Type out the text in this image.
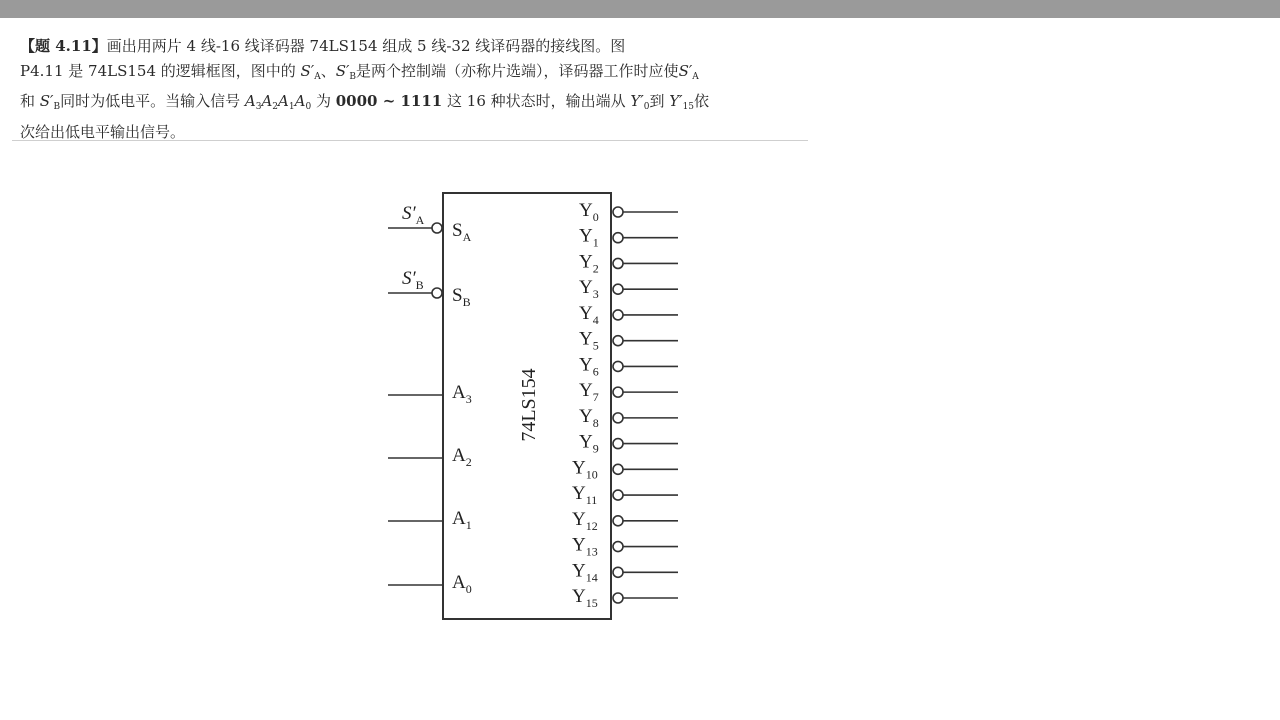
【题 4.11】画出用两片 4 线-16 线译码器 74LS154 组成 5 线-32 线译码器的接线图。图

P4.11 是 74LS154 的逻辑框图，图中的 $S'_A$、$S'_B$是两个控制端（亦称片选端），译码器工作时应使$S'_A$

和 $S'_B$同时为低电平。当输入信号 $A_3A_2A_1A_0$ 为 0000 ~ 1111 这 16 种状态时，输出端从 $Y'_0$到 $Y'_{15}$依

次给出低电平输出信号。

74LS154
$S'_A$ $S_A$
$S'_B$ $S_B$
$A_3$
$A_2$
$A_1$
$A_0$
$Y_0$
$Y_1$
$Y_2$
$Y_3$
$Y_4$
$Y_5$
$Y_6$
$Y_7$
$Y_8$
$Y_9$
$Y_{10}$
$Y_{11}$
$Y_{12}$
$Y_{13}$
$Y_{14}$
$Y_{15}$
